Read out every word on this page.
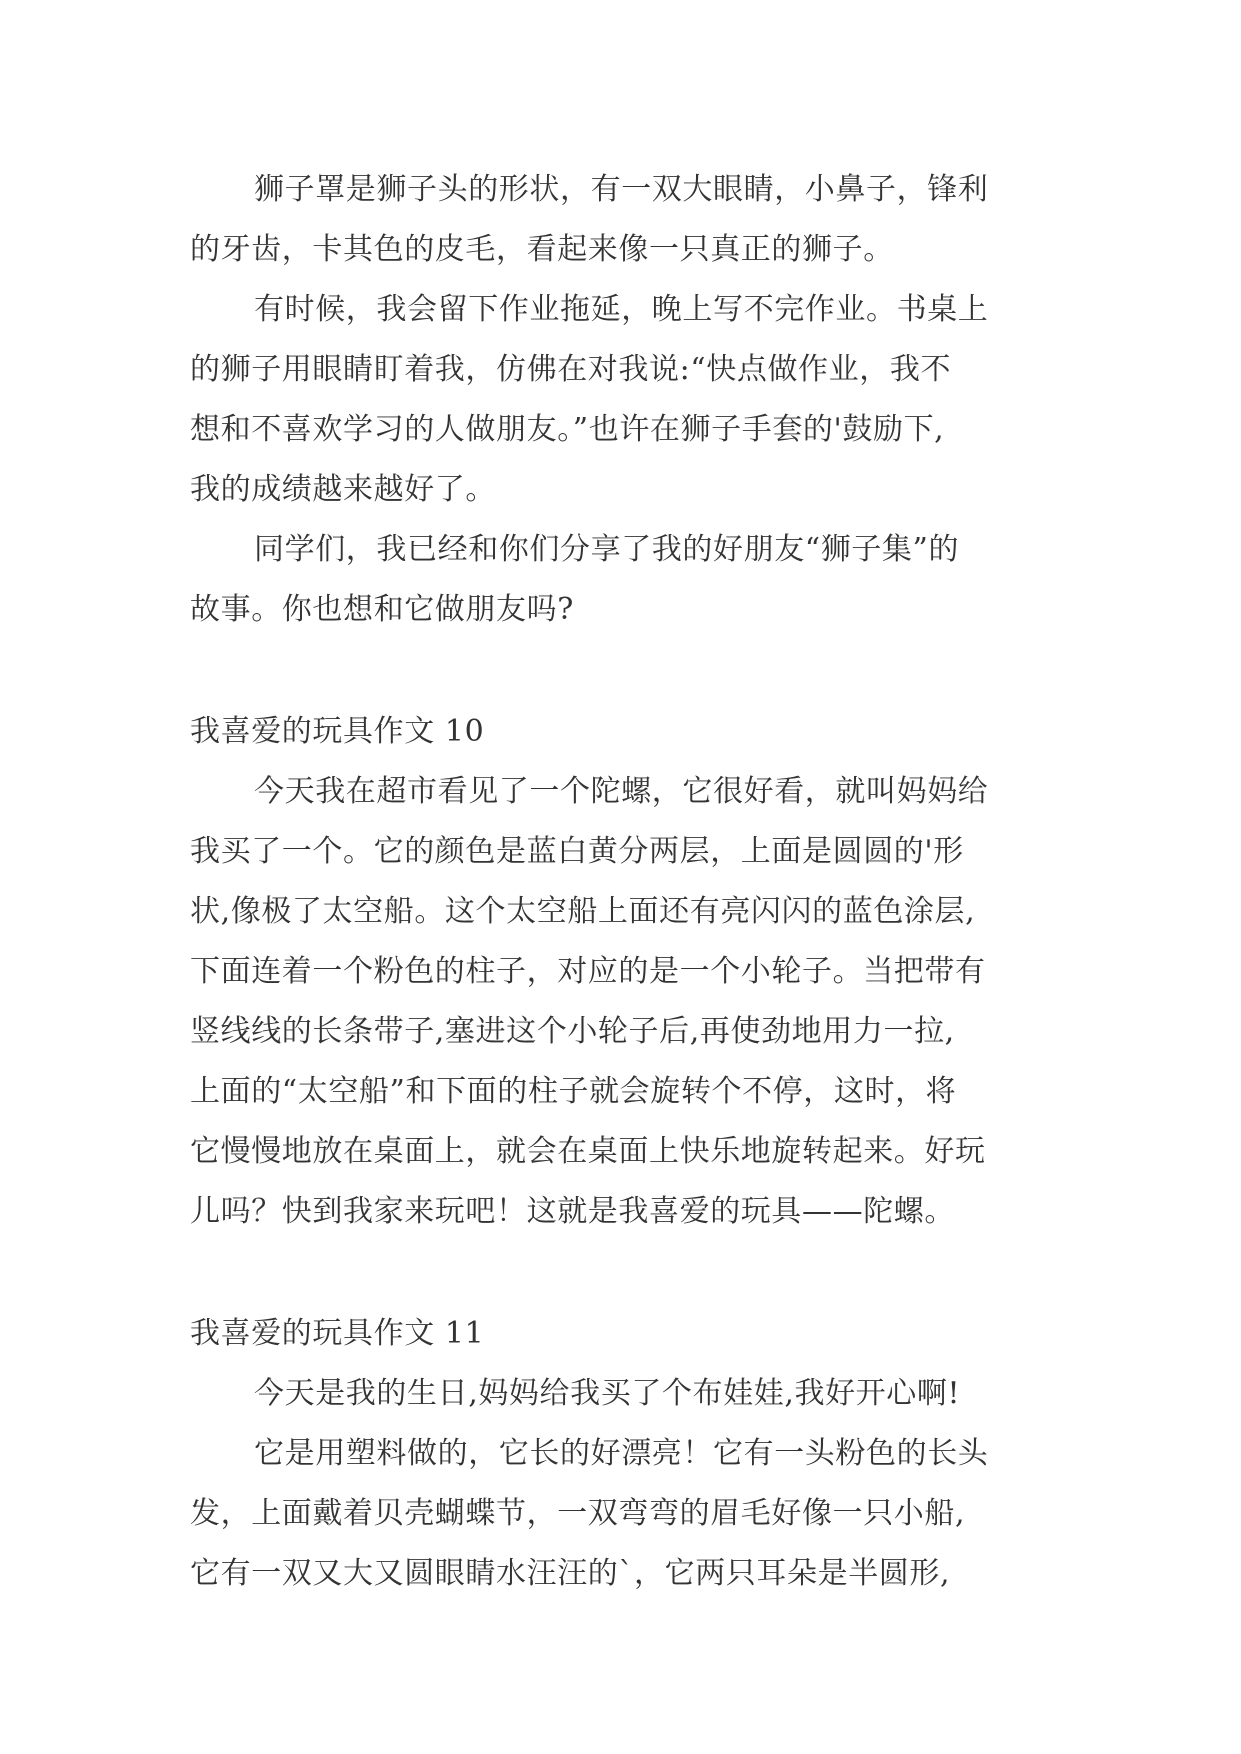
狮子罩是狮子头的形状，有一双大眼睛，小鼻子，锋利
的牙齿，卡其色的皮毛，看起来像一只真正的狮子。
有时候，我会留下作业拖延，晚上写不完作业。书桌上
的狮子用眼睛盯着我，仿佛在对我说:“快点做作业，我不
想和不喜欢学习的人做朋友。”也许在狮子手套的'鼓励下,
我的成绩越来越好了。
同学们，我已经和你们分享了我的好朋友“狮子集”的
故事。你也想和它做朋友吗?
我喜爱的玩具作文 10
今天我在超市看见了一个陀螺，它很好看，就叫妈妈给
我买了一个。它的颜色是蓝白黄分两层，上面是圆圆的'形
状,像极了太空船。这个太空船上面还有亮闪闪的蓝色涂层,
下面连着一个粉色的柱子，对应的是一个小轮子。当把带有
竖线线的长条带子,塞进这个小轮子后,再使劲地用力一拉,
上面的“太空船”和下面的柱子就会旋转个不停，这时，将
它慢慢地放在桌面上，就会在桌面上快乐地旋转起来。好玩
儿吗？快到我家来玩吧！这就是我喜爱的玩具——陀螺。
我喜爱的玩具作文 11
今天是我的生日,妈妈给我买了个布娃娃,我好开心啊!
它是用塑料做的，它长的好漂亮！它有一头粉色的长头
发，上面戴着贝壳蝴蝶节，一双弯弯的眉毛好像一只小船,
它有一双又大又圆眼睛水汪汪的`，它两只耳朵是半圆形,
